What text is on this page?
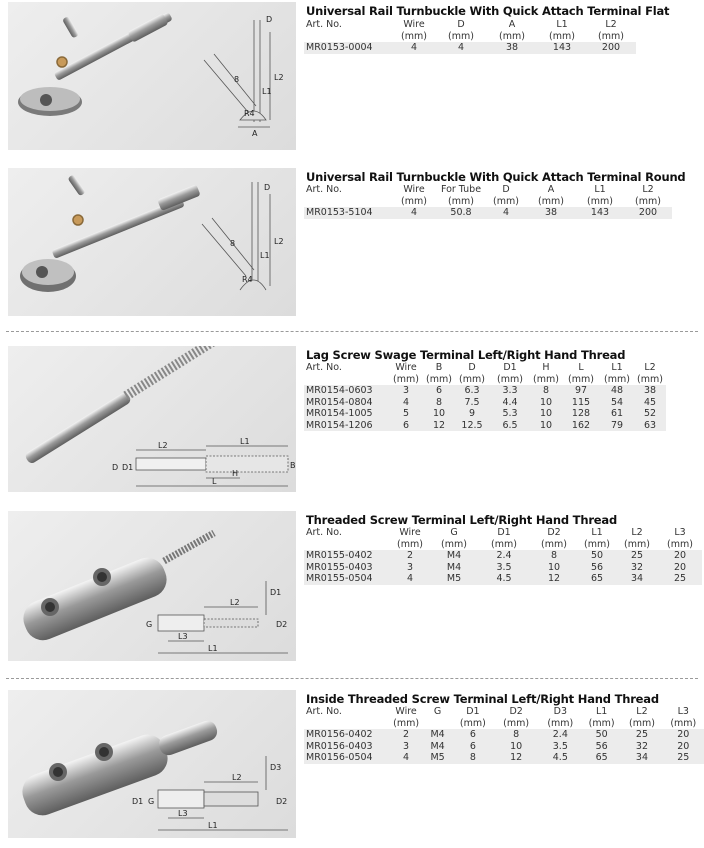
D
L2
L1
A
R4
8
Universal Rail Turnbuckle With Quick Attach Terminal Flat
Art. No.	Wire	D	A	L1	L2
	(mm)	(mm)	(mm)	(mm)	(mm)
MR0153-0004	4	4	38	143	200
D
L2
L1
R4
8
Universal Rail Turnbuckle With Quick Attach Terminal Round
Art. No.	Wire	For Tube	D	A	L1	L2
	(mm)	(mm)	(mm)	(mm)	(mm)	(mm)
MR0153-5104	4	50.8	4	38	143	200
L2	L1
D D1	B
H
L
Lag Screw Swage Terminal Left/Right Hand Thread
Art. No.	Wire	B	D	D1	H	L	L1	L2
	(mm)	(mm)	(mm)	(mm)	(mm)	(mm)	(mm)	(mm)
MR0154-0603	3	6	6.3	3.3	8	97	48	38
MR0154-0804	4	8	7.5	4.4	10	115	54	45
MR0154-1005	5	10	9	5.3	10	128	61	52
MR0154-1206	6	12	12.5	6.5	10	162	79	63
L2
D1
G
L3
D2
L1
Threaded Screw Terminal Left/Right Hand Thread
Art. No.	Wire	G	D1	D2	L1	L2	L3
	(mm)	(mm)	(mm)	(mm)	(mm)	(mm)	(mm)
MR0155-0402	2	M4	2.4	8	50	25	20
MR0155-0403	3	M4	3.5	10	56	32	20
MR0155-0504	4	M5	4.5	12	65	34	25
L2
D3
D1 G	D2
L3
L1
Inside Threaded Screw Terminal Left/Right Hand Thread
Art. No.	Wire	G	D1	D2	D3	L1	L2	L3
	(mm)		(mm)	(mm)	(mm)	(mm)	(mm)	(mm)
MR0156-0402	2	M4	6	8	2.4	50	25	20
MR0156-0403	3	M4	6	10	3.5	56	32	20
MR0156-0504	4	M5	8	12	4.5	65	34	25
